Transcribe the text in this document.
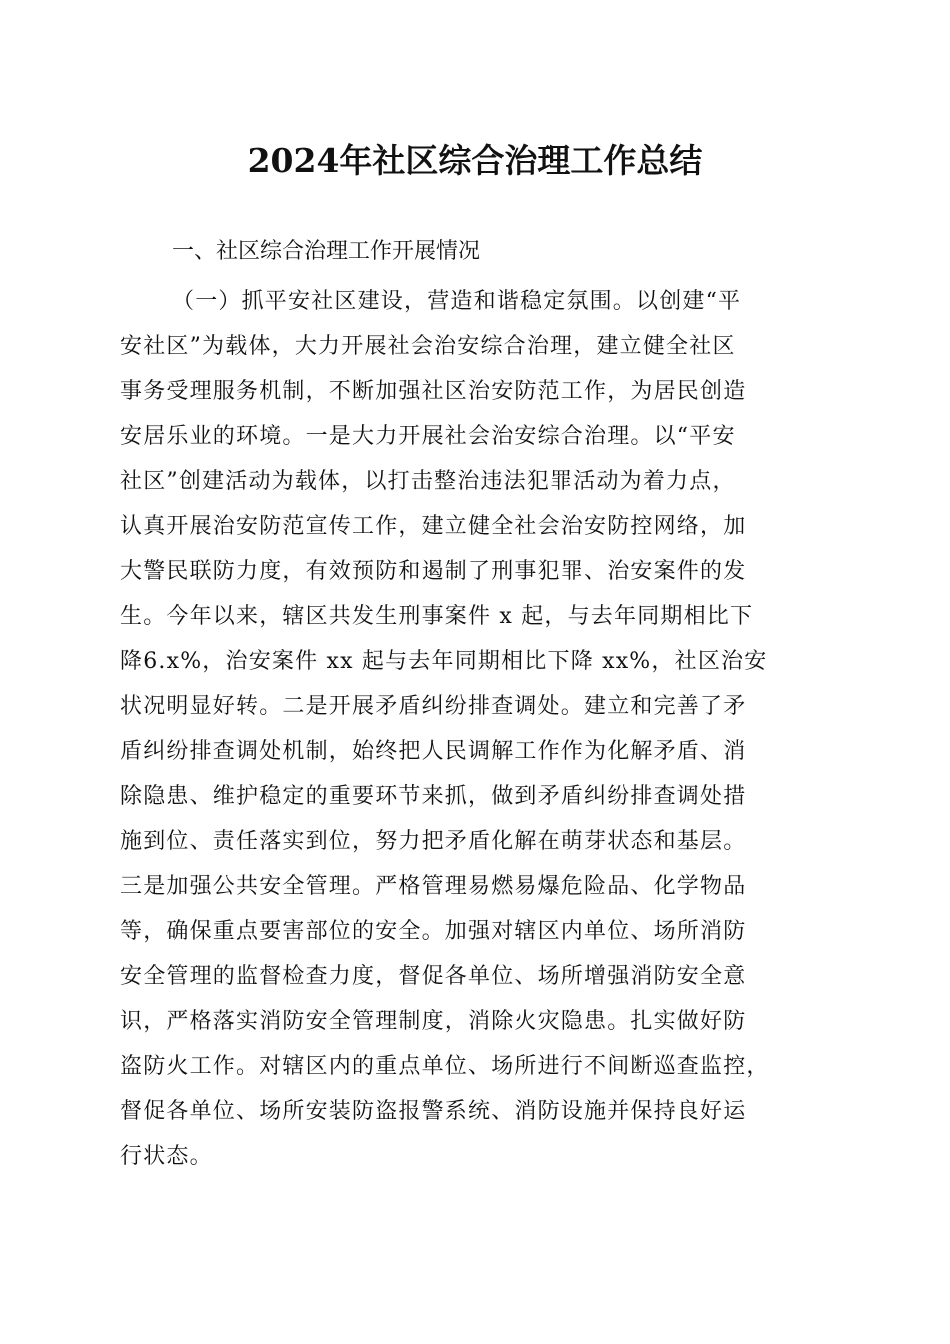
2024年社区综合治理工作总结
一、社区综合治理工作开展情况
（一）抓平安社区建设，营造和谐稳定氛围。以创建“平
安社区”为载体，大力开展社会治安综合治理，建立健全社区
事务受理服务机制，不断加强社区治安防范工作，为居民创造
安居乐业的环境。一是大力开展社会治安综合治理。以“平安
社区”创建活动为载体，以打击整治违法犯罪活动为着力点，
认真开展治安防范宣传工作，建立健全社会治安防控网络，加
大警民联防力度，有效预防和遏制了刑事犯罪、治安案件的发
生。今年以来，辖区共发生刑事案件 x 起，与去年同期相比下
降6.x%，治安案件 xx 起与去年同期相比下降 xx%，社区治安
状况明显好转。二是开展矛盾纠纷排查调处。建立和完善了矛
盾纠纷排查调处机制，始终把人民调解工作作为化解矛盾、消
除隐患、维护稳定的重要环节来抓，做到矛盾纠纷排查调处措
施到位、责任落实到位，努力把矛盾化解在萌芽状态和基层。
三是加强公共安全管理。严格管理易燃易爆危险品、化学物品
等，确保重点要害部位的安全。加强对辖区内单位、场所消防
安全管理的监督检查力度，督促各单位、场所增强消防安全意
识，严格落实消防安全管理制度，消除火灾隐患。扎实做好防
盗防火工作。对辖区内的重点单位、场所进行不间断巡查监控，
督促各单位、场所安装防盗报警系统、消防设施并保持良好运
行状态。
